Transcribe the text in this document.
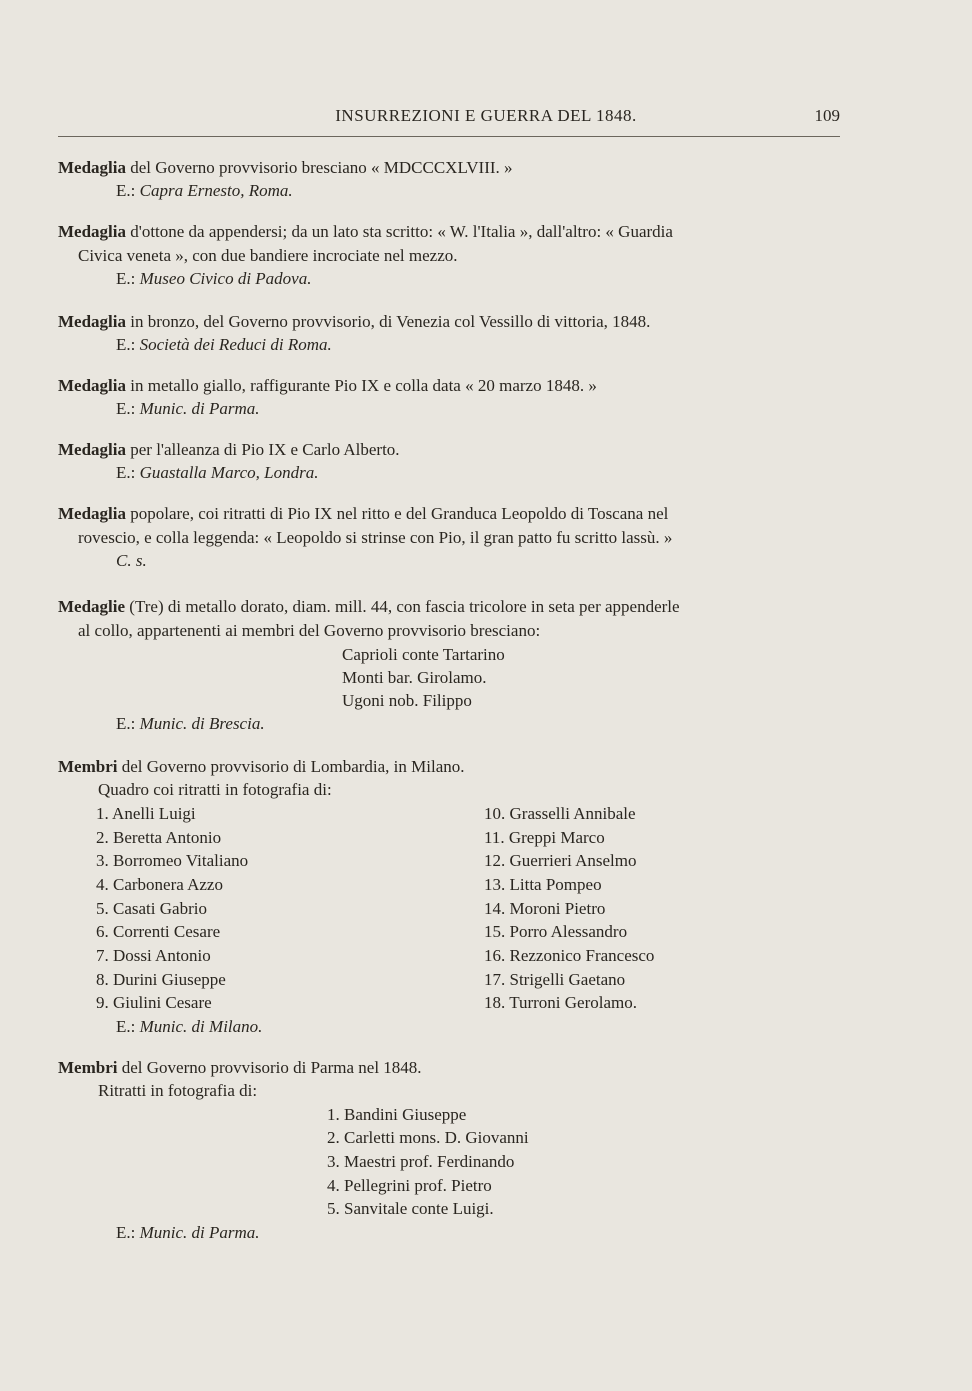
INSURREZIONI E GUERRA DEL 1848.	109
Medaglia del Governo provvisorio bresciano « MDCCCXLVIII. »
E.: Capra Ernesto, Roma.
Medaglia d'ottone da appendersi; da un lato sta scritto: « W. l'Italia », dall'altro: « Guardia
Civica veneta », con due bandiere incrociate nel mezzo.
E.: Museo Civico di Padova.
Medaglia in bronzo, del Governo provvisorio, di Venezia col Vessillo di vittoria, 1848.
E.: Società dei Reduci di Roma.
Medaglia in metallo giallo, raffigurante Pio IX e colla data « 20 marzo 1848. »
E.: Munic. di Parma.
Medaglia per l'alleanza di Pio IX e Carlo Alberto.
E.: Guastalla Marco, Londra.
Medaglia popolare, coi ritratti di Pio IX nel ritto e del Granduca Leopoldo di Toscana nel
rovescio, e colla leggenda: « Leopoldo si strinse con Pio, il gran patto fu scritto lassù. »
C. s.
Medaglie (Tre) di metallo dorato, diam. mill. 44, con fascia tricolore in seta per appenderle
al collo, appartenenti ai membri del Governo provvisorio bresciano:
Caprioli conte Tartarino
Monti bar. Girolamo.
Ugoni nob. Filippo
E.: Munic. di Brescia.
Membri del Governo provvisorio di Lombardia, in Milano.
Quadro coi ritratti in fotografia di:
1. Anelli Luigi
2. Beretta Antonio
3. Borromeo Vitaliano
4. Carbonera Azzo
5. Casati Gabrio
6. Correnti Cesare
7. Dossi Antonio
8. Durini Giuseppe
9. Giulini Cesare
10. Grasselli Annibale
11. Greppi Marco
12. Guerrieri Anselmo
13. Litta Pompeo
14. Moroni Pietro
15. Porro Alessandro
16. Rezzonico Francesco
17. Strigelli Gaetano
18. Turroni Gerolamo.
E.: Munic. di Milano.
Membri del Governo provvisorio di Parma nel 1848.
Ritratti in fotografia di:
1. Bandini Giuseppe
2. Carletti mons. D. Giovanni
3. Maestri prof. Ferdinando
4. Pellegrini prof. Pietro
5. Sanvitale conte Luigi.
E.: Munic. di Parma.
